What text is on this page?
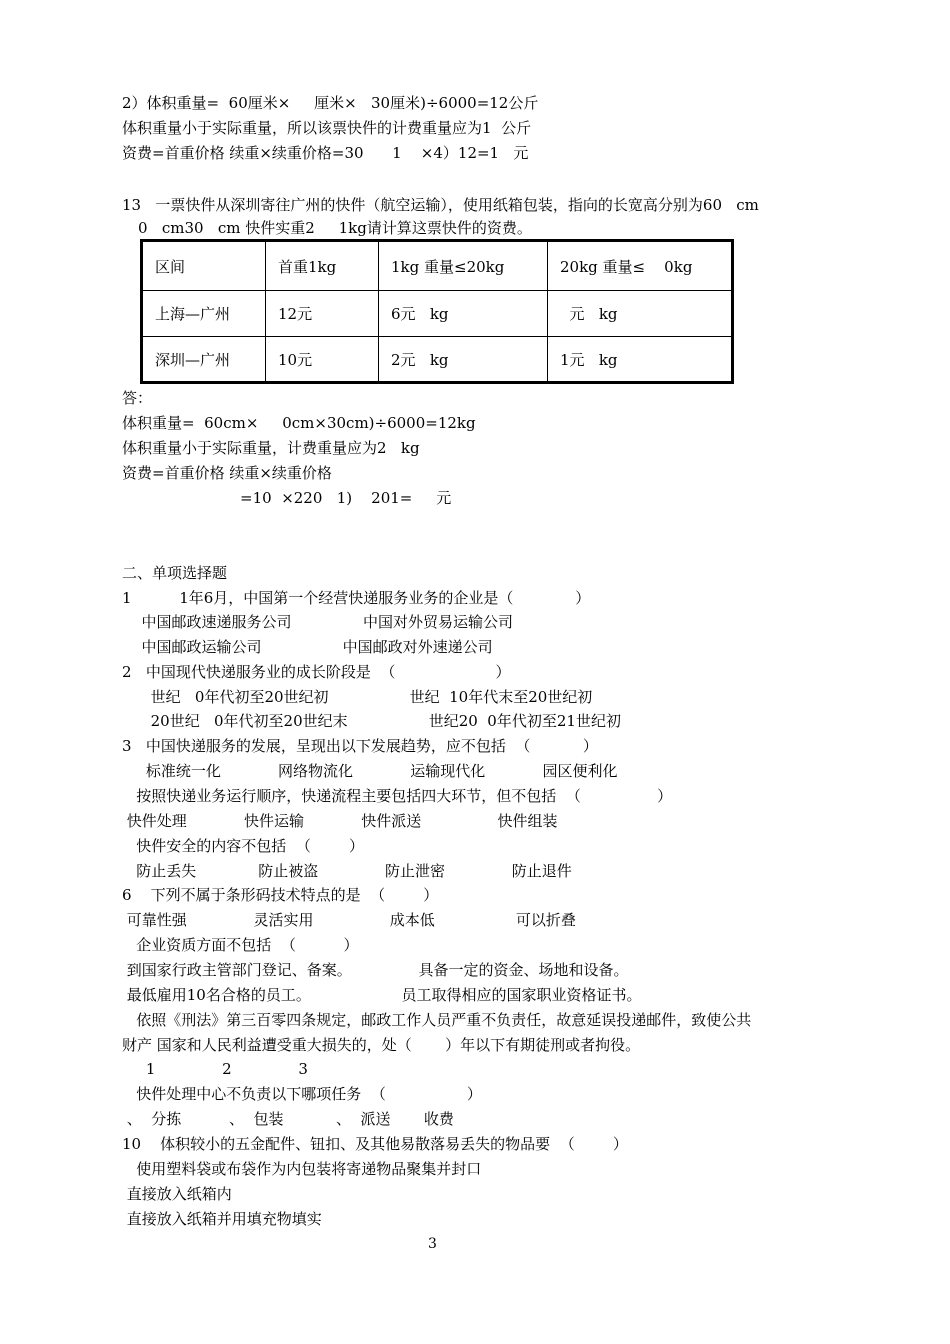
2）体积重量=  60厘米×     厘米×   30厘米)÷6000=12公斤
体积重量小于实际重量，所以该票快件的计费重量应为1  公斤
资费=首重价格 续重×续重价格=30      1    ×4）12=1   元
13   一票快件从深圳寄往广州的快件（航空运输），使用纸箱包装，指向的长宽高分别为60   cm
0   cm30   cm 快件实重2     1kg请计算这票快件的资费。
区间	首重1kg	1kg 重量≤20kg	20kg 重量≤    0kg
上海—广州	12元	6元   kg	元   kg
深圳—广州	10元	2元   kg	1元   kg
答：
体积重量=  60cm×     0cm×30cm)÷6000=12kg
体积重量小于实际重量，计费重量应为2   kg
资费=首重价格 续重×续重价格
=10  ×220   1)    201=     元
二、单项选择题
1          1年6月，中国第一个经营快递服务业务的企业是（             ）
中国邮政速递服务公司               中国对外贸易运输公司
中国邮政运输公司                 中国邮政对外速递公司
2   中国现代快递服务业的成长阶段是  （                     ）
世纪   0年代初至20世纪初                 世纪  10年代末至20世纪初
20世纪   0年代初至20世纪末                 世纪20  0年代初至21世纪初
3   中国快递服务的发展，呈现出以下发展趋势，应不包括  （           ）
标准统一化            网络物流化            运输现代化            园区便利化
按照快递业务运行顺序，快递流程主要包括四大环节，但不包括  （                ）
快件处理            快件运输            快件派送                快件组装
快件安全的内容不包括  （        ）
防止丢失             防止被盗              防止泄密              防止退件
6    下列不属于条形码技术特点的是  （        ）
可靠性强              灵活实用                成本低                 可以折叠
企业资质方面不包括  （          ）
到国家行政主管部门登记、备案。              具备一定的资金、场地和设备。
最低雇用10名合格的员工。                   员工取得相应的国家职业资格证书。
依照《刑法》第三百零四条规定，邮政工作人员严重不负责任，故意延误投递邮件，致使公共
财产 国家和人民利益遭受重大损失的，处（       ）年以下有期徒刑或者拘役。
1              2              3
快件处理中心不负责以下哪项任务  （                 ）
、  分拣          、  包装           、  派送       收费
10    体积较小的五金配件、钮扣、及其他易散落易丢失的物品要  （        ）
使用塑料袋或布袋作为内包装将寄递物品聚集并封口
直接放入纸箱内
直接放入纸箱并用填充物填实
3
